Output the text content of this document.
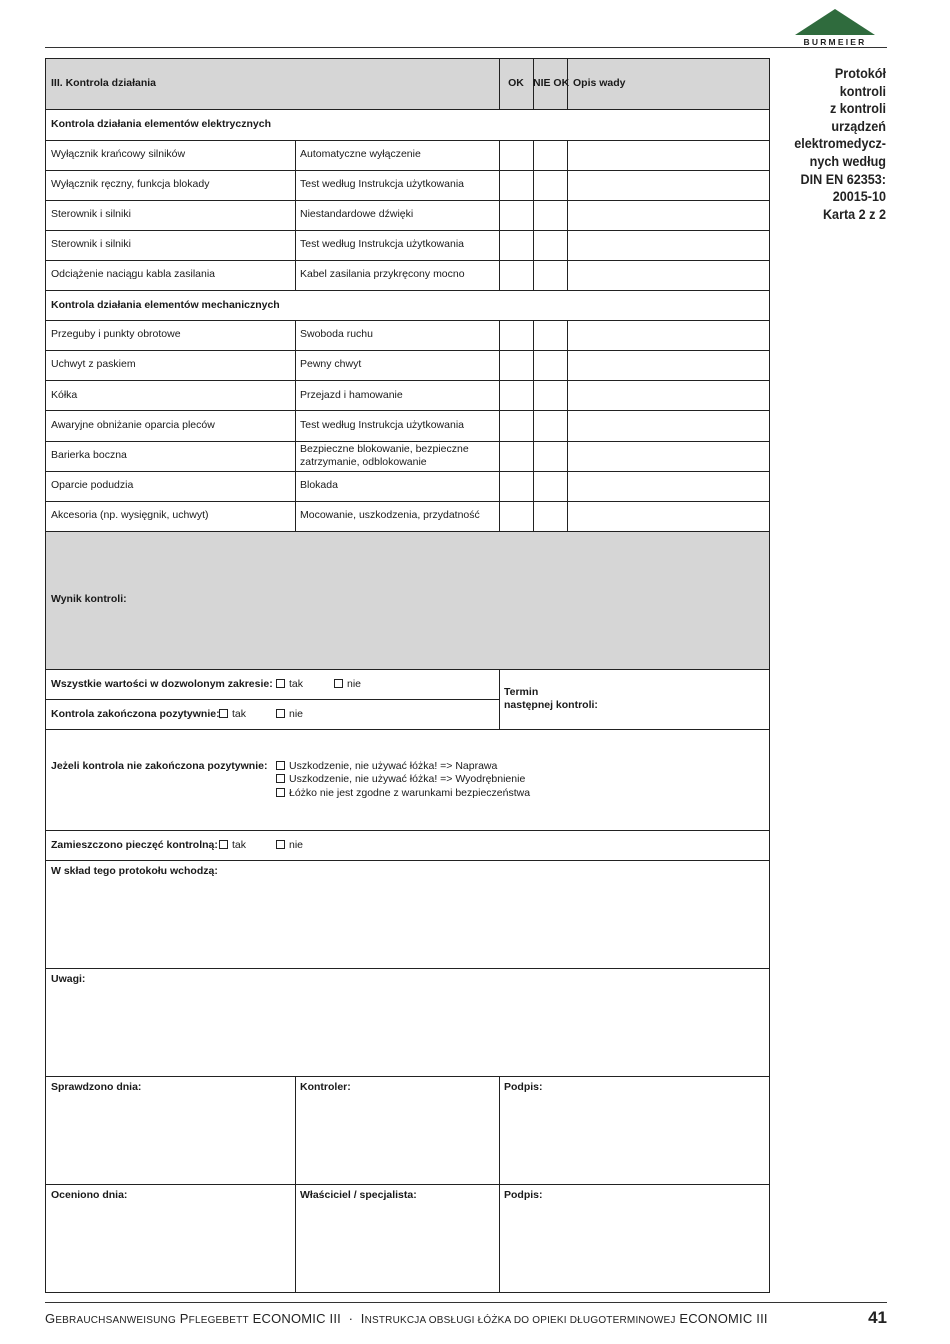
BURMEIER
Protokół kontroli
z kontroli
urządzeń
elektromedycz-
nych według
DIN EN 62353:
20015-10
Karta 2 z 2
III. Kontrola działania	OK NIE OK Opis wady
Kontrola działania elementów elektrycznych
Wyłącznik krańcowy silników	Automatyczne wyłączenie
Wyłącznik ręczny, funkcja blokady	Test według Instrukcja użytkowania
Sterownik i silniki	Niestandardowe dźwięki
Sterownik i silniki	Test według Instrukcja użytkowania
Odciążenie naciągu kabla zasilania	Kabel zasilania przykręcony mocno
Kontrola działania elementów mechanicznych
Przeguby i punkty obrotowe	Swoboda ruchu
Uchwyt z paskiem	Pewny chwyt
Kółka	Przejazd i hamowanie
Awaryjne obniżanie oparcia pleców	Test według Instrukcja użytkowania
Barierka boczna	Bezpieczne blokowanie, bezpieczne
zatrzymanie, odblokowanie
Oparcie podudzia	Blokada
Akcesoria (np. wysięgnik, uchwyt)	Mocowanie, uszkodzenia, przydatność
Wynik kontroli:
Wszystkie wartości w dozwolonym zakresie:	tak	nie
Kontrola zakończona pozytywnie:	tak	nie
Termin
następnej kontroli:
Jeżeli kontrola nie zakończona pozytywnie:	Uszkodzenie, nie używać łóżka! => Naprawa
Uszkodzenie, nie używać łóżka! => Wyodrębnienie
Łóżko nie jest zgodne z warunkami bezpieczeństwa
Zamieszczono pieczęć kontrolną:	tak	nie
W skład tego protokołu wchodzą:
Uwagi:
Sprawdzono dnia:	Kontroler:	Podpis:
Oceniono dnia:	Właściciel / specjalista:	Podpis:
GEBRAUCHSANWEISUNG PFLEGEBETT ECONOMIC III · INSTRUKCJA OBSŁUGI ŁÓŻKA DO OPIEKI DŁUGOTERMINOWEJ ECONOMIC III	41
